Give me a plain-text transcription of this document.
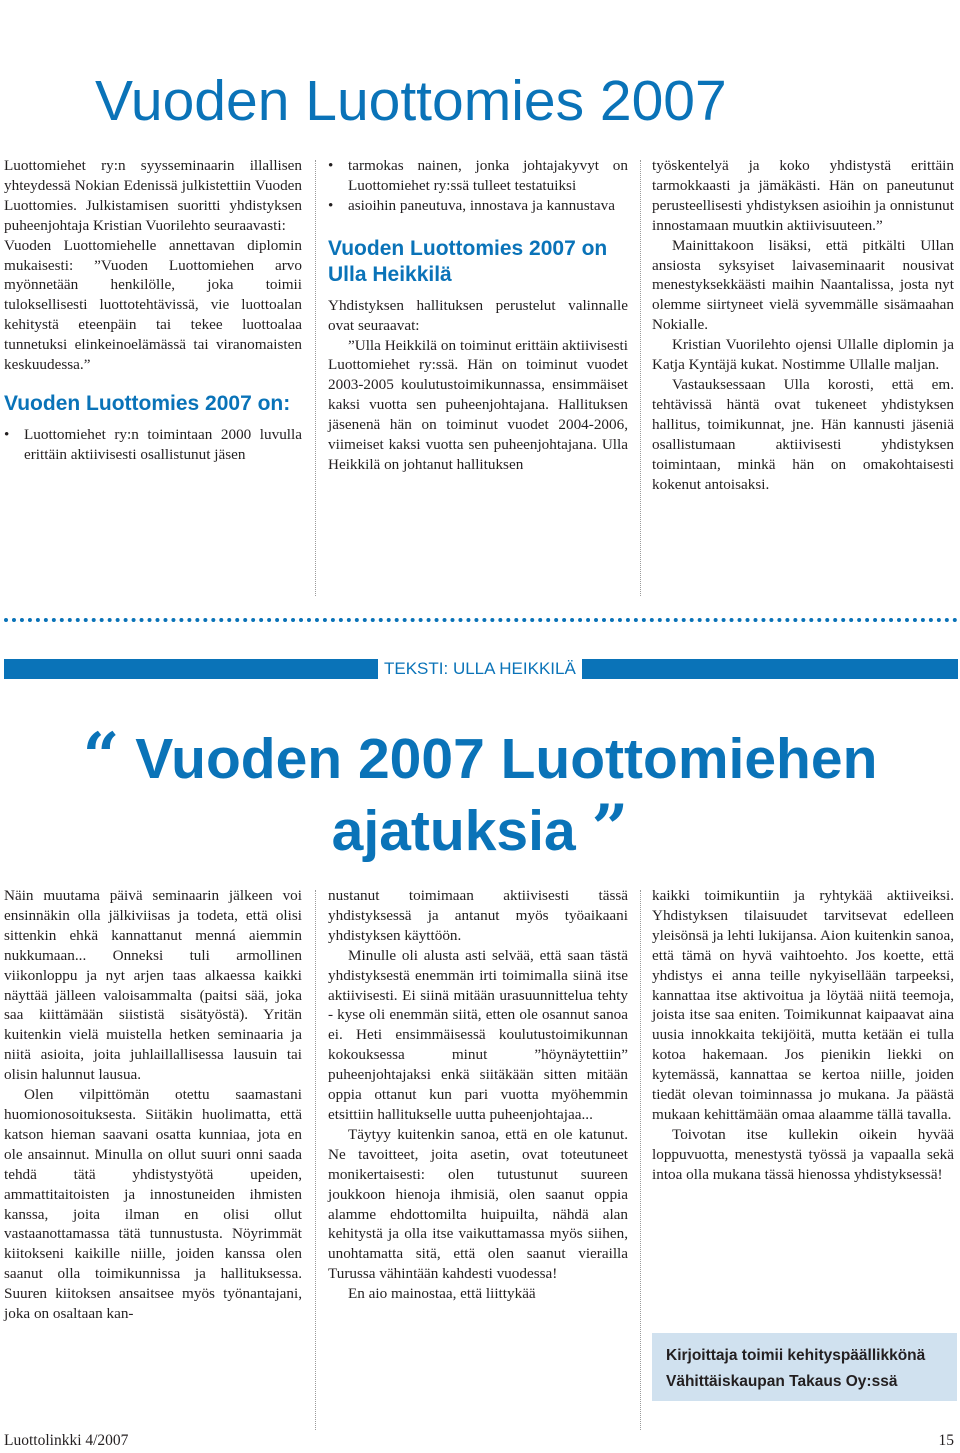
Vuoden Luottomies 2007

Luottomiehet ry:n syysseminaarin illallisen yhteydessä Nokian Edenissä julkistettiin Vuoden Luottomies. Julkistamisen suoritti yhdistyksen puheenjohtaja Kristian Vuorilehto seuraavasti:

Vuoden Luottomiehelle annettavan diplomin mukaisesti: ”Vuoden Luottomiehen arvo myönnetään henkilölle, joka toimii tuloksellisesti luottotehtävissä, vie luottoalan kehitystä eteenpäin tai tekee luottoalaa tunnetuksi elinkeinoelämässä tai viranomaisten keskuudessa.”

Vuoden Luottomies 2007 on:

• Luottomiehet ry:n toimintaan 2000 luvulla erittäin aktiivisesti osallistunut jäsen
• tarmokas nainen, jonka johtajakyvyt on Luottomiehet ry:ssä tulleet testatuiksi
• asioihin paneutuva, innostava ja kannustava

Vuoden Luottomies 2007 on Ulla Heikkilä

Yhdistyksen hallituksen perustelut valinnalle ovat seuraavat:

”Ulla Heikkilä on toiminut erittäin aktiivisesti Luottomiehet ry:ssä. Hän on toiminut vuodet 2003-2005 koulutustoimikunnassa, ensimmäiset kaksi vuotta sen puheenjohtajana. Hallituksen jäsenenä hän on toiminut vuodet 2004-2006, viimeiset kaksi vuotta sen puheenjohtajana. Ulla Heikkilä on johtanut hallituksen

työskentelyä ja koko yhdistystä erittäin tarmokkaasti ja jämäkästi. Hän on paneutunut perusteellisesti yhdistyksen asioihin ja onnistunut innostamaan muutkin aktiivisuuteen.”

Mainittakoon lisäksi, että pitkälti Ullan ansiosta syksyiset laivaseminaarit nousivat menestyksekkäästi maihin Naantalissa, josta nyt olemme siirtyneet vielä syvemmälle sisämaahan Nokialle.

Kristian Vuorilehto ojensi Ullalle diplomin ja Katja Kyntäjä kukat. Nostimme Ullalle maljan.

Vastauksessaan Ulla korosti, että em. tehtävissä häntä ovat tukeneet yhdistyksen hallitus, toimikunnat, jne. Hän kannusti jäseniä osallistumaan aktiivisesti yhdistyksen toimintaan, minkä hän on omakohtaisesti kokenut antoisaksi.

TEKSTI: ULLA HEIKKILÄ
“ Vuoden 2007 Luottomiehen
ajatuksia ”

Näin muutama päivä seminaarin jälkeen voi ensinnäkin olla jälkiviisas ja todeta, että olisi sittenkin ehkä kannattanut menná aiemmin nukkumaan... Onneksi tuli armollinen viikonloppu ja nyt arjen taas alkaessa kaikki näyttää jälleen valoisammalta (paitsi sää, joka saa kiittämään siististä sisätyöstä). Yritän kuitenkin vielä muistella hetken seminaaria ja niitä asioita, joita juhlaillallisessa lausuin tai olisin halunnut lausua.

Olen vilpittömän otettu saamastani huomionosoituksesta. Siitäkin huolimatta, että katson hieman saavani osatta kunniaa, jota en ole ansainnut. Minulla on ollut suuri onni saada tehdä tätä yhdistystyötä upeiden, ammattitaitoisten ja innostuneiden ihmisten kanssa, joita ilman en olisi ollut vastaanottamassa tätä tunnustusta. Nöyrimmät kiitokseni kaikille niille, joiden kanssa olen saanut olla toimikunnissa ja hallituksessa. Suuren kiitoksen ansaitsee myös työnantajani, joka on osaltaan kan-

nustanut toimimaan aktiivisesti tässä yhdistyksessä ja antanut myös työaikaani yhdistyksen käyttöön.

Minulle oli alusta asti selvää, että saan tästä yhdistyksestä enemmän irti toimimalla siinä itse aktiivisesti. Ei siinä mitään urasuunnittelua tehty - kyse oli enemmän siitä, etten ole osannut sanoa ei. Heti ensimmäisessä koulutustoimikunnan kokouksessa minut ”höynäytettiin” puheenjohtajaksi enkä siitäkään sitten mitään oppia ottanut kun pari vuotta myöhemmin etsittiin hallitukselle uutta puheenjohtajaa...

Täytyy kuitenkin sanoa, että en ole katunut. Ne tavoitteet, joita asetin, ovat toteutuneet monikertaisesti: olen tutustunut suureen joukkoon hienoja ihmisiä, olen saanut oppia alamme ehdottomilta huipuilta, nähdä alan kehitystä ja olla itse vaikuttamassa myös siihen, unohtamatta sitä, että olen saanut vierailla Turussa vähintään kahdesti vuodessa!

En aio mainostaa, että liittykää

kaikki toimikuntiin ja ryhtykää aktiiveiksi. Yhdistyksen tilaisuudet tarvitsevat edelleen yleisönsä ja lehti lukijansa. Aion kuitenkin sanoa, että tämä on hyvä vaihtoehto. Jos koette, että yhdistys ei anna teille nykyisellään tarpeeksi, kannattaa itse aktivoitua ja löytää niitä teemoja, joista itse saa eniten. Toimikunnat kaipaavat aina uusia innokkaita tekijöitä, mutta ketään ei tulla kotoa hakemaan. Jos pienikin liekki on kytemässä, kannattaa se kertoa niille, joiden tiedät olevan toiminnassa jo mukana. Ja päästä mukaan kehittämään omaa alaamme tällä tavalla.

Toivotan itse kullekin oikein hyvää loppuvuotta, menestystä työssä ja vapaalla sekä intoa olla mukana tässä hienossa yhdistyksessä!

Kirjoittaja toimii kehityspäällikkönä
Vähittäiskaupan Takaus Oy:ssä
Luottolinkki 4/2007	15
